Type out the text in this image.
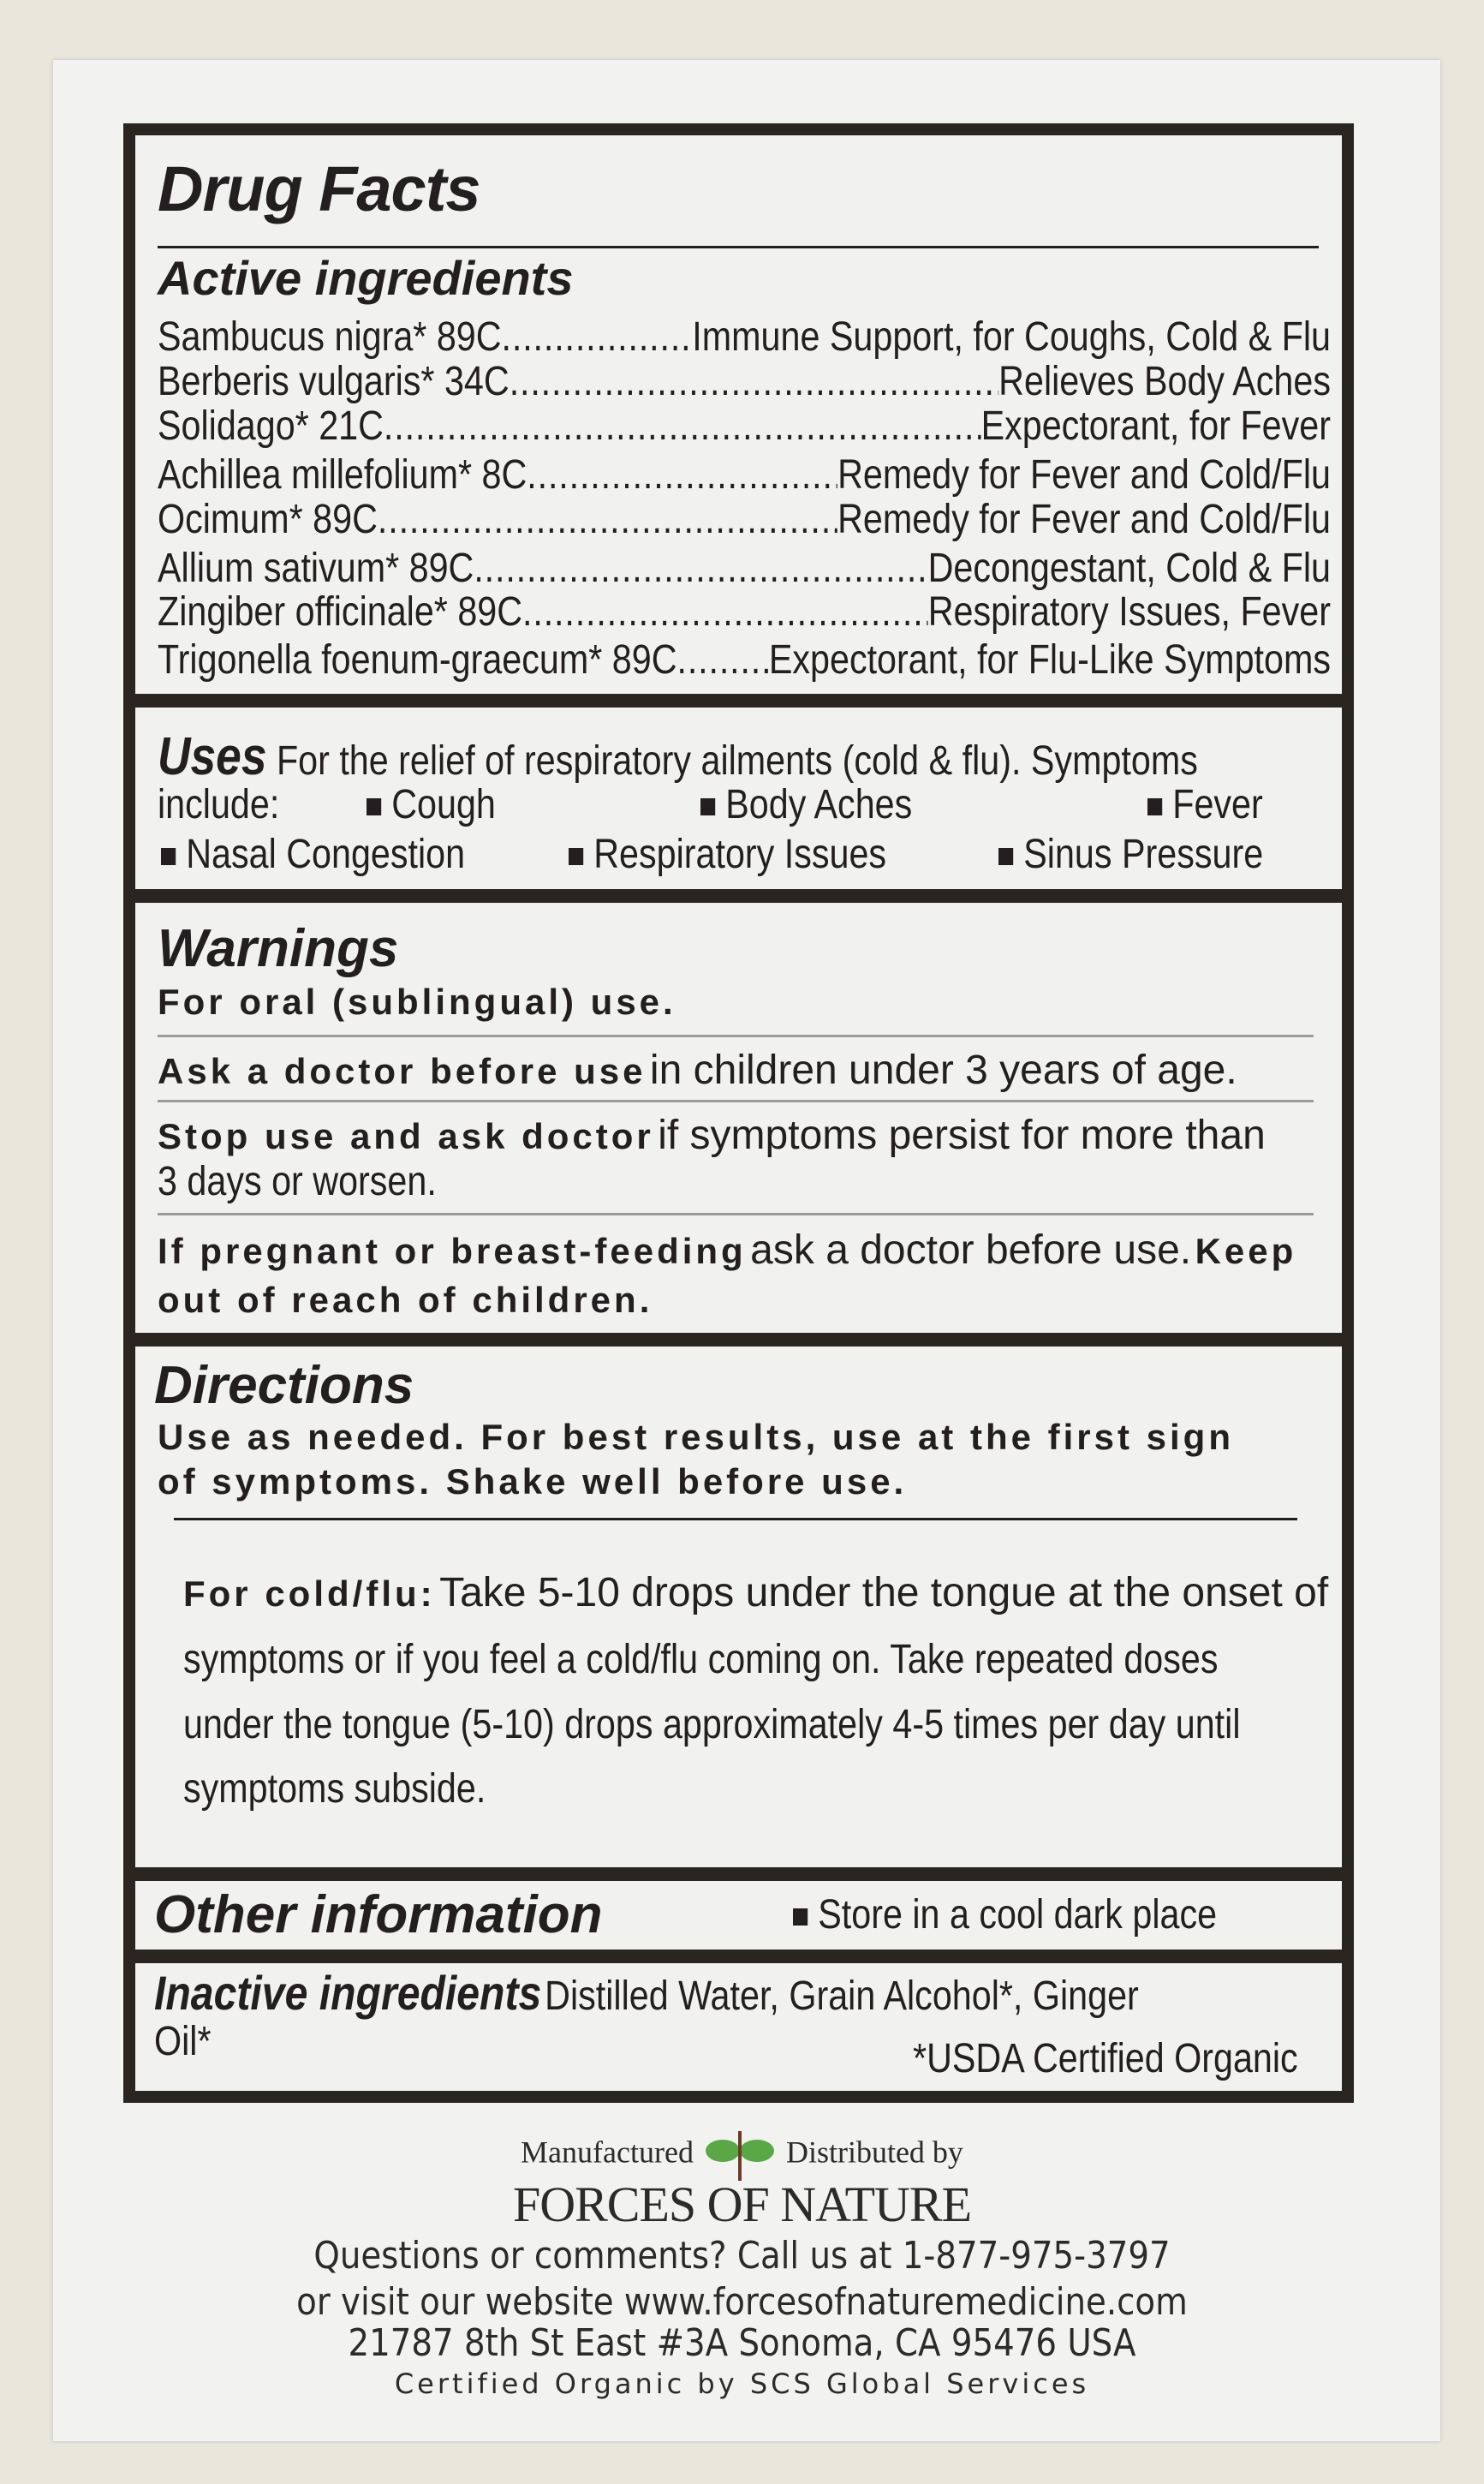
Drug Facts
Active ingredients
Sambucus nigra* 89C .....	Immune Support, for Coughs, Cold & Flu
Berberis vulgaris* 34C .....	Relieves Body Aches
Solidago* 21C .....	Expectorant, for Fever
Achillea millefolium* 8C .....	Remedy for Fever and Cold/Flu
Ocimum* 89C .....	Remedy for Fever and Cold/Flu
Allium sativum* 89C .....	Decongestant, Cold & Flu
Zingiber officinale* 89C .....	Respiratory Issues, Fever
Trigonella foenum-graecum* 89C ..... Expectorant, for Flu-Like Symptoms
Uses For the relief of respiratory ailments (cold & flu). Symptoms
include:	Cough	Body Aches	Fever
Nasal Congestion	Respiratory Issues	Sinus Pressure
Warnings
For oral (sublingual) use.
Ask a doctor before use in children under 3 years of age.
Stop use and ask doctor if symptoms persist for more than
3 days or worsen.
If pregnant or breast-feeding ask a doctor before use. Keep
out of reach of children.
Directions
Use as needed. For best results, use at the first sign
of symptoms. Shake well before use.
For cold/flu: Take 5-10 drops under the tongue at the onset of
symptoms or if you feel a cold/flu coming on. Take repeated doses
under the tongue (5-10) drops approximately 4-5 times per day until
symptoms subside.
Other information	Store in a cool dark place
Inactive ingredients Distilled Water, Grain Alcohol*, Ginger
Oil*	*USDA Certified Organic
Manufactured	Distributed by
FORCES OF NATURE
Questions or comments? Call us at 1-877-975-3797
or visit our website www.forcesofnaturemedicine.com
21787 8th St East #3A Sonoma, CA 95476 USA
Certified Organic by SCS Global Services
